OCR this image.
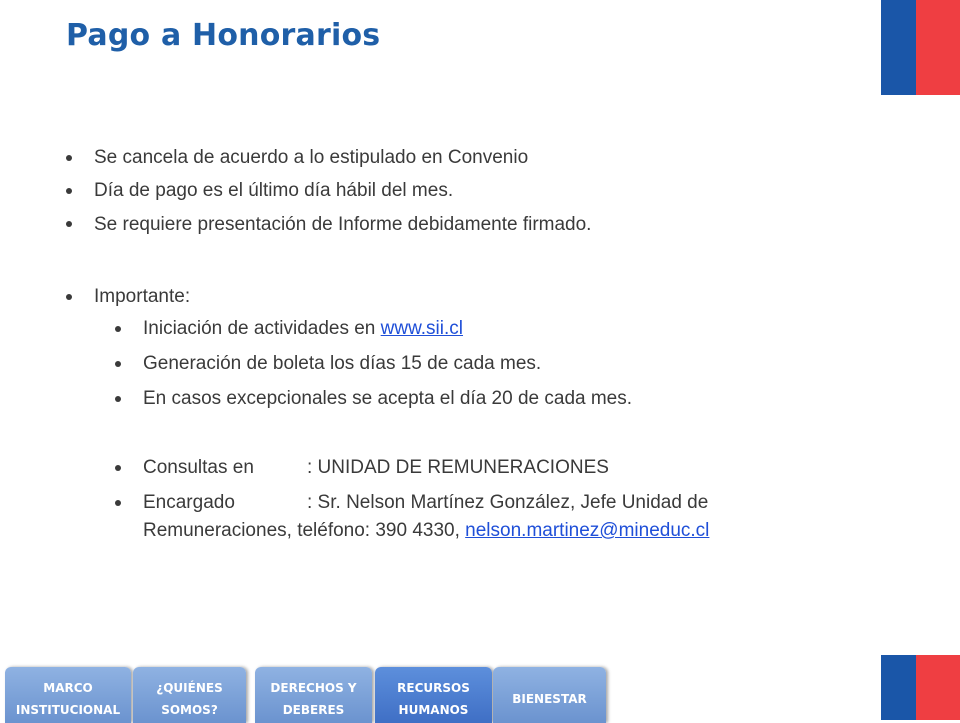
Pago a Honorarios
Se cancela de acuerdo a lo estipulado en Convenio
Día de pago es el último día hábil del mes.
Se requiere presentación de Informe debidamente firmado.
Importante:
Iniciación de actividades en www.sii.cl
Generación de boleta los días 15 de cada mes.
En casos excepcionales se acepta el día 20 de cada mes.
Consultas en	: UNIDAD DE REMUNERACIONES
Encargado	: Sr. Nelson Martínez González, Jefe Unidad de
Remuneraciones, teléfono: 390 4330, nelson.martinez@mineduc.cl
MARCO
INSTITUCIONAL
¿QUIÉNES
SOMOS?
DERECHOS Y
DEBERES
RECURSOS
HUMANOS
BIENESTAR
